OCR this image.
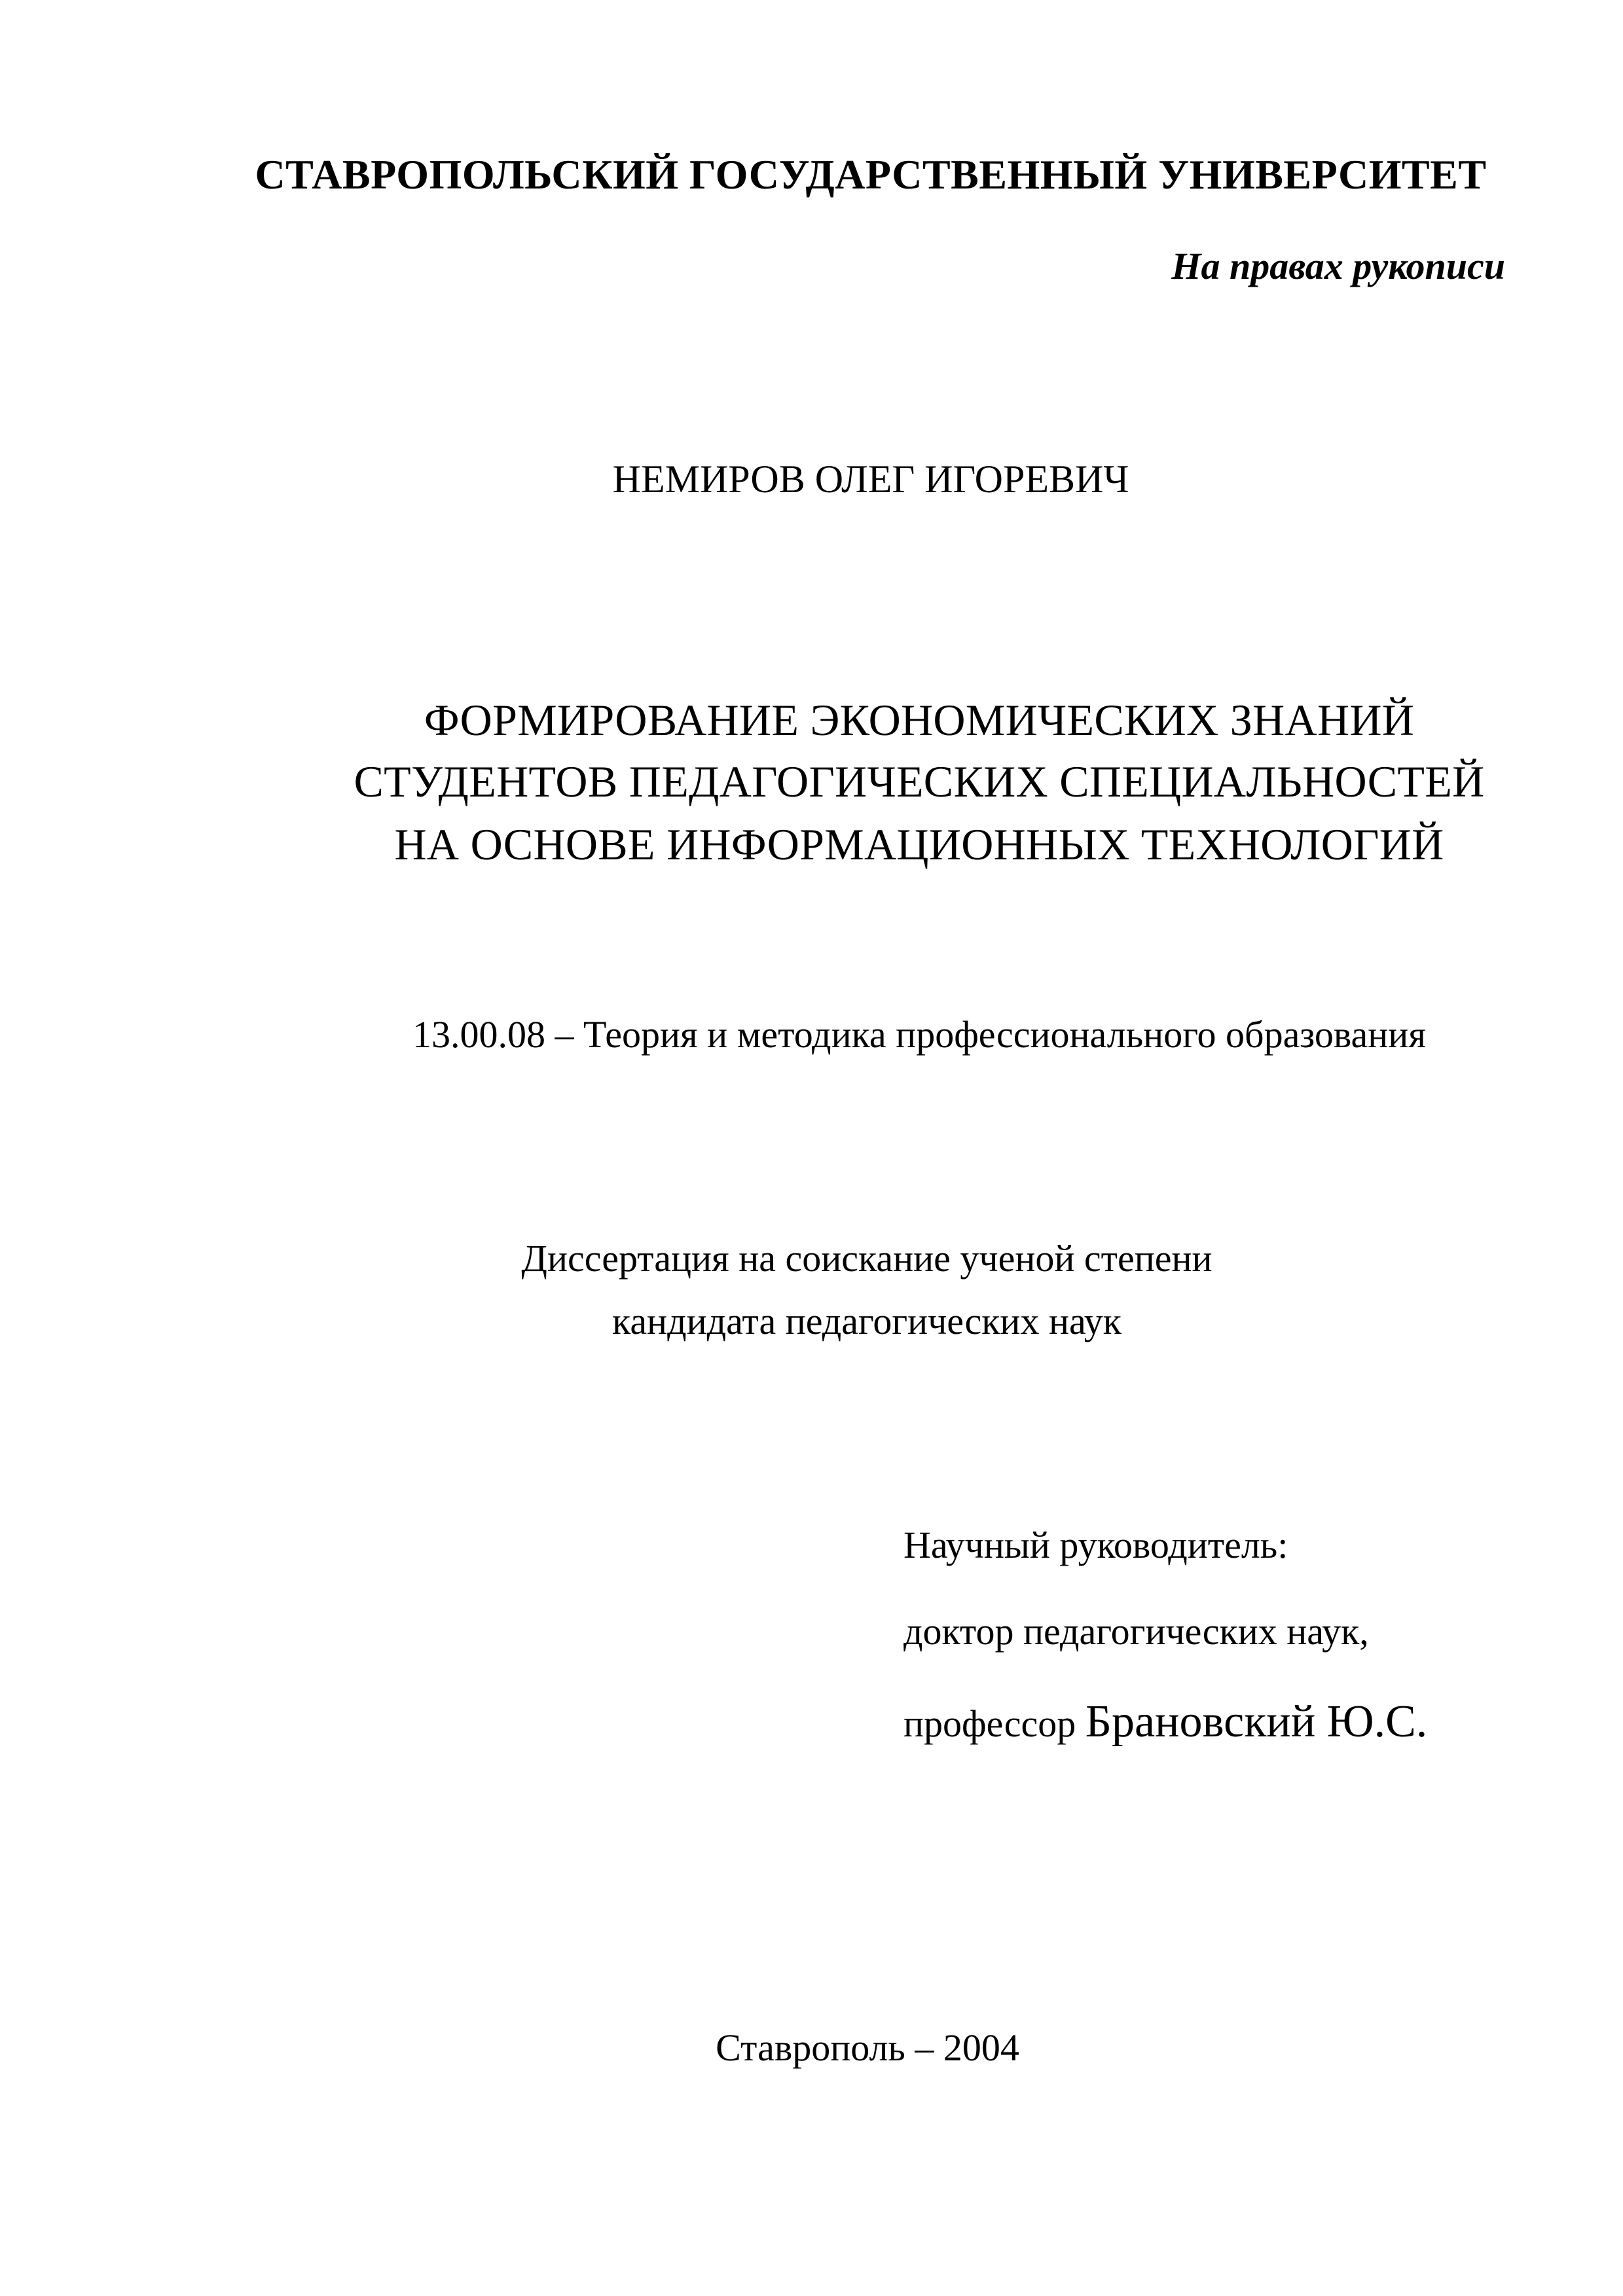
СТАВРОПОЛЬСКИЙ ГОСУДАРСТВЕННЫЙ УНИВЕРСИТЕТ
На правах рукописи
НЕМИРОВ ОЛЕГ ИГОРЕВИЧ
ФОРМИРОВАНИЕ ЭКОНОМИЧЕСКИХ ЗНАНИЙ
СТУДЕНТОВ ПЕДАГОГИЧЕСКИХ СПЕЦИАЛЬНОСТЕЙ
НА ОСНОВЕ ИНФОРМАЦИОННЫХ ТЕХНОЛОГИЙ
13.00.08 – Теория и методика профессионального образования
Диссертация на соискание ученой степени
кандидата педагогических наук
Научный руководитель:
доктор педагогических наук,
профессор Брановский Ю.С.
Ставрополь – 2004
